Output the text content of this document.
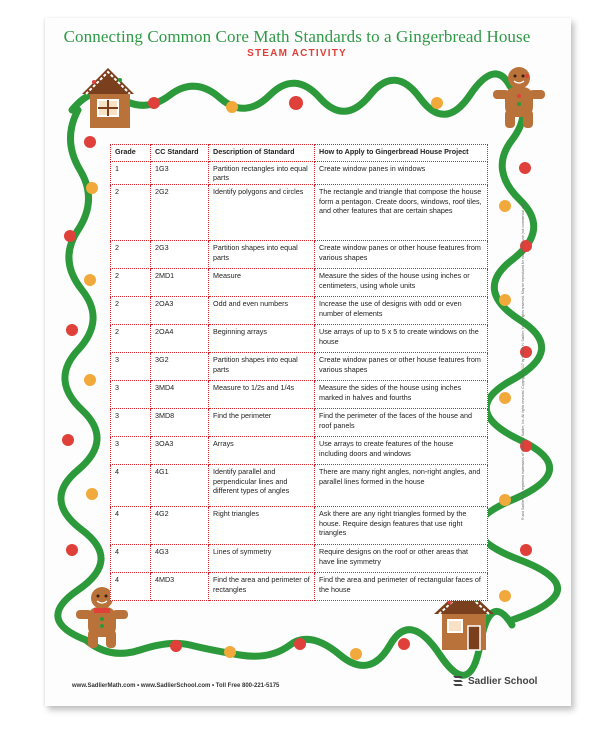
Connecting Common Core Math Standards to a Gingerbread House
STEAM ACTIVITY
Grade	CC Standard	Description of Standard	How to Apply to Gingerbread House Project
1	1G3	Partition rectangles into equal parts	Create window panes in windows
2	2G2	Identify polygons and circles	The rectangle and triangle that compose the house form a pentagon. Create doors, windows, roof tiles, and other features that are certain shapes
2	2G3	Partition shapes into equal parts	Create window panes or other house features from various shapes
2	2MD1	Measure	Measure the sides of the house using inches or centimeters, using whole units
2	2OA3	Odd and even numbers	Increase the use of designs with odd or even number of elements
2	2OA4	Beginning arrays	Use arrays of up to 5 x 5 to create windows on the house
3	3G2	Partition shapes into equal parts	Create window panes or other house features from various shapes
3	3MD4	Measure to 1/2s and 1/4s	Measure the sides of the house using inches marked in halves and fourths
3	3MD8	Find the perimeter	Find the perimeter of the faces of the house and roof panels
3	3OA3	Arrays	Use arrays to create features of the house including doors and windows
4	4G1	Identify parallel and perpendicular lines and different types of angles	There are many right angles, non-right angles, and parallel lines formed in the house
4	4G2	Right triangles	Ask there are any right triangles formed by the house. Require design features that use right triangles
4	4G3	Lines of symmetry	Require designs on the roof or other areas that have line symmetry
4	4MD3	Find the area and perimeter of rectangles	Find the area and perimeter of rectangular faces of the house
® and Sadlier® are registered trademarks of William H. Sadlier, Inc. All rights reserved. Copyright ©2017 by William H. Sadlier, Inc. All rights reserved. May be reproduced for educational use (not commercial use).
www.SadlierMath.com • www.SadlierSchool.com • Toll Free 800-221-5175	Sadlier School
